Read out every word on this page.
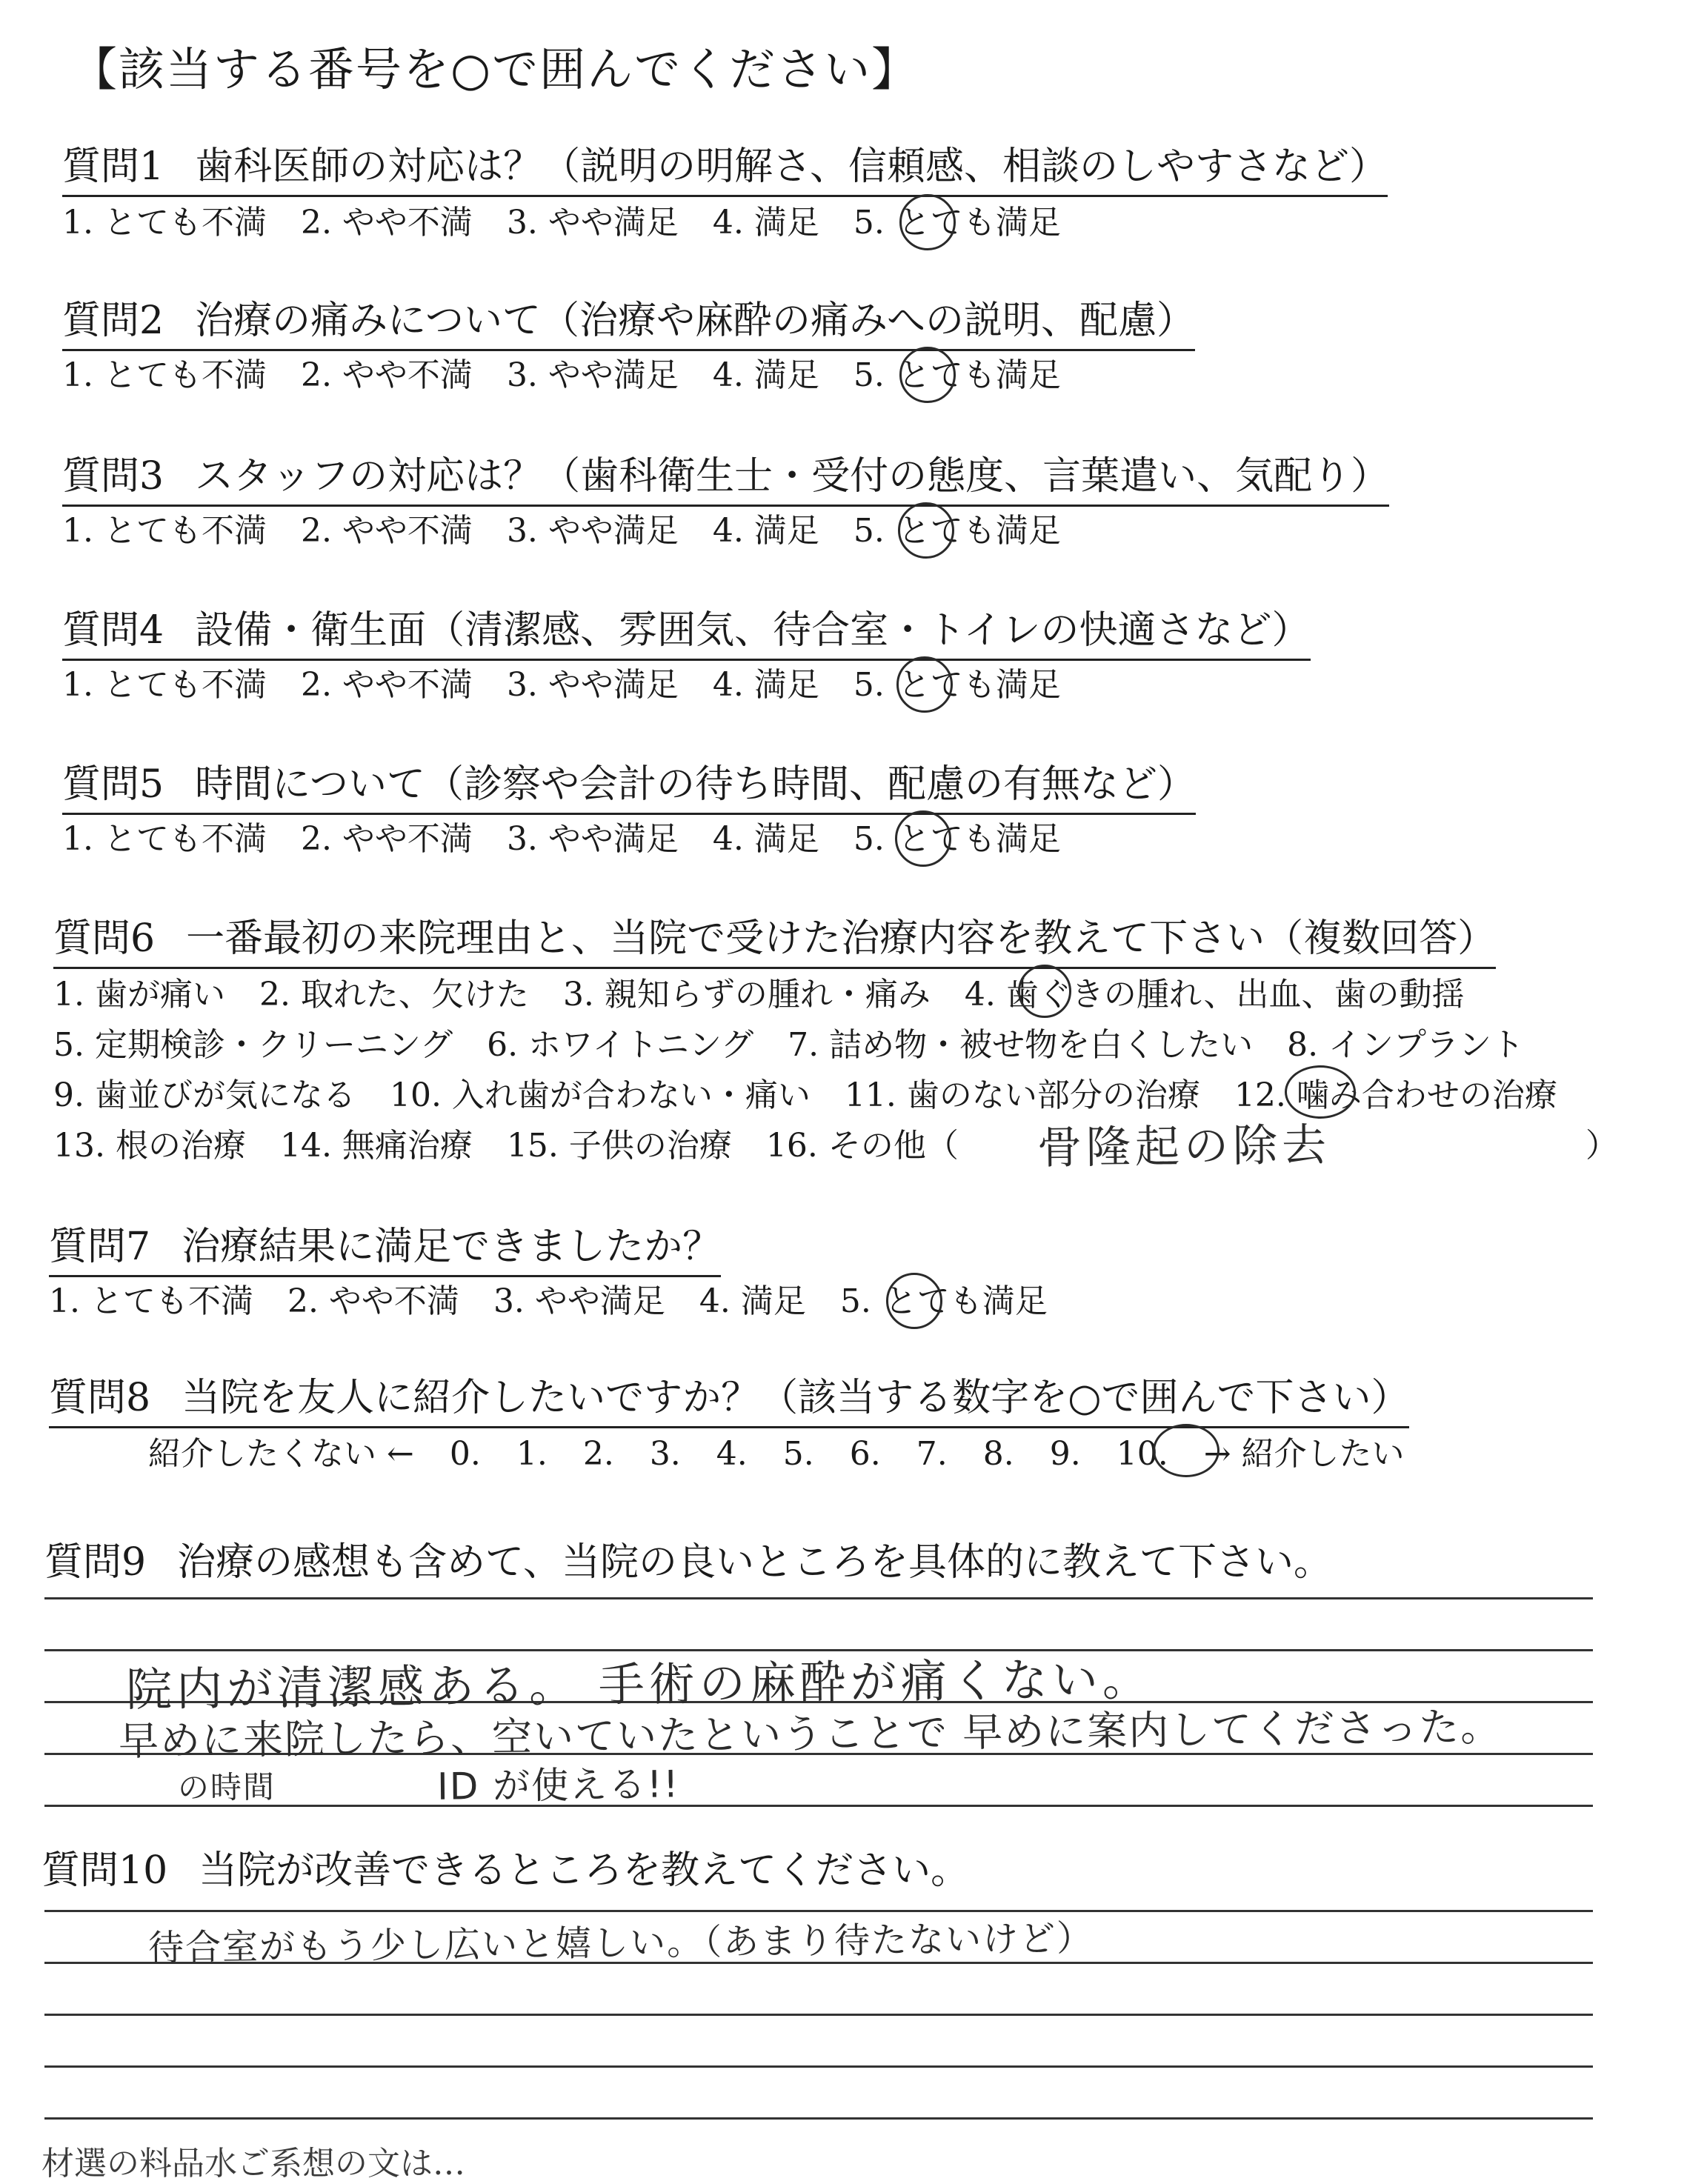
【該当する番号を○で囲んでください】
質問1 歯科医師の対応は？（説明の明解さ、信頼感、相談のしやすさなど）
1. とても不満 2. やや不満 3. やや満足 4. 満足 5. とても満足
質問2 治療の痛みについて（治療や麻酔の痛みへの説明、配慮）
1. とても不満 2. やや不満 3. やや満足 4. 満足 5. とても満足
質問3 スタッフの対応は？（歯科衛生士・受付の態度、言葉遣い、気配り）
1. とても不満 2. やや不満 3. やや満足 4. 満足 5. とても満足
質問4 設備・衛生面（清潔感、雰囲気、待合室・トイレの快適さなど）
1. とても不満 2. やや不満 3. やや満足 4. 満足 5. とても満足
質問5 時間について（診察や会計の待ち時間、配慮の有無など）
1. とても不満 2. やや不満 3. やや満足 4. 満足 5. とても満足
質問6 一番最初の来院理由と、当院で受けた治療内容を教えて下さい（複数回答）
1. 歯が痛い 2. 取れた、欠けた 3. 親知らずの腫れ・痛み 4. 歯ぐきの腫れ、出血、歯の動揺
5. 定期検診・クリーニング 6. ホワイトニング 7. 詰め物・被せ物を白くしたい 8. インプラント
9. 歯並びが気になる 10. 入れ歯が合わない・痛い 11. 歯のない部分の治療 12. 噛み合わせの治療
13. 根の治療 14. 無痛治療 15. 子供の治療 16. その他（	骨隆起の除去	）
質問7 治療結果に満足できましたか？
1. とても不満 2. やや不満 3. やや満足 4. 満足 5. とても満足
質問8 当院を友人に紹介したいですか？（該当する数字を○で囲んで下さい）
紹介したくない ← 0. 1. 2. 3. 4. 5. 6. 7. 8. 9. 10. → 紹介したい
質問9 治療の感想も含めて、当院の良いところを具体的に教えて下さい。
院内が清潔感ある。 手術の麻酔が痛くない。
早めに来院したら、空いていたということで 早めに案内してくださった。
の時間	ID が使える!!
質問10 当院が改善できるところを教えてください。
待合室がもう少し広いと嬉しい。（あまり待たないけど）
材選の料品水ご系想の文は…
